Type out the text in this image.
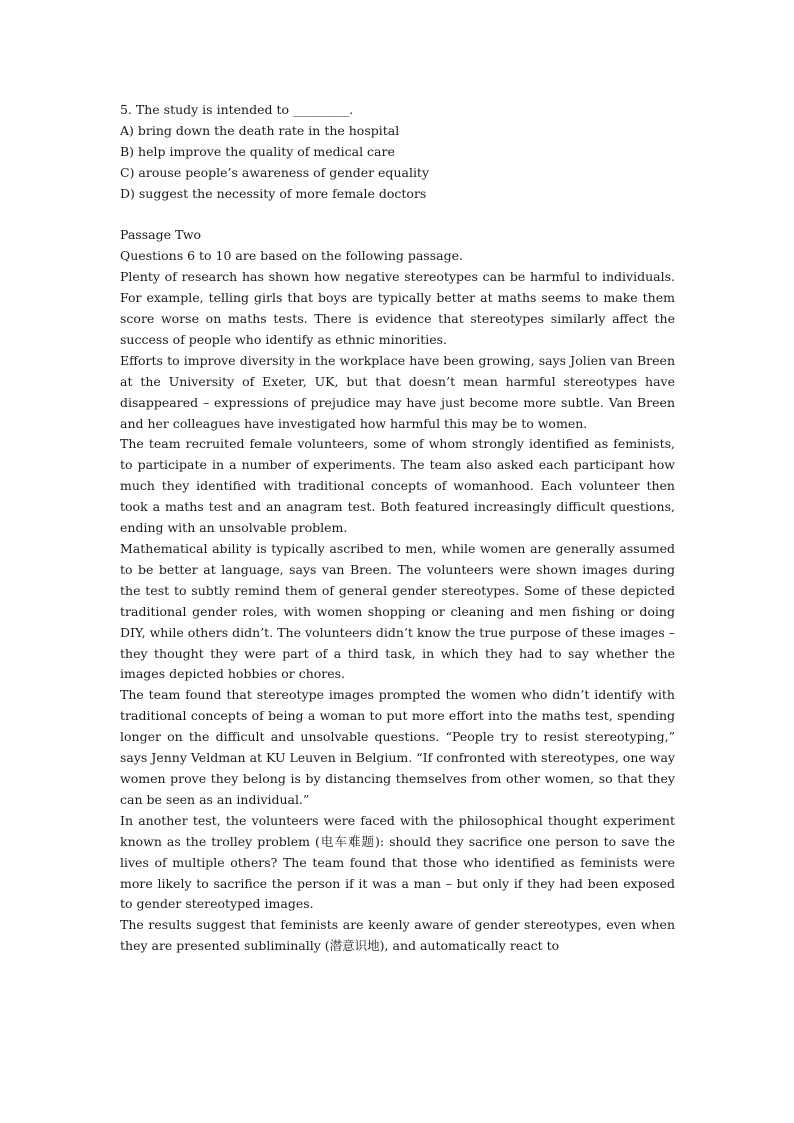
5. The study is intended to _________.
A) bring down the death rate in the hospital
B) help improve the quality of medical care
C) arouse people’s awareness of gender equality
D) suggest the necessity of more female doctors
Passage Two
Questions 6 to 10 are based on the following passage.
Plenty of research has shown how negative stereotypes can be harmful to individuals. For example, telling girls that boys are typically better at maths seems to make them score worse on maths tests. There is evidence that stereotypes similarly affect the success of people who identify as ethnic minorities.
Efforts to improve diversity in the workplace have been growing, says Jolien van Breen at the University of Exeter, UK, but that doesn’t mean harmful stereotypes have disappeared – expressions of prejudice may have just become more subtle. Van Breen and her colleagues have investigated how harmful this may be to women.
The team recruited female volunteers, some of whom strongly identified as feminists, to participate in a number of experiments. The team also asked each participant how much they identified with traditional concepts of womanhood. Each volunteer then took a maths test and an anagram test. Both featured increasingly difficult questions, ending with an unsolvable problem.
Mathematical ability is typically ascribed to men, while women are generally assumed to be better at language, says van Breen. The volunteers were shown images during the test to subtly remind them of general gender stereotypes. Some of these depicted traditional gender roles, with women shopping or cleaning and men fishing or doing DIY, while others didn’t. The volunteers didn’t know the true purpose of these images – they thought they were part of a third task, in which they had to say whether the images depicted hobbies or chores.
The team found that stereotype images prompted the women who didn’t identify with traditional concepts of being a woman to put more effort into the maths test, spending longer on the difficult and unsolvable questions. “People try to resist stereotyping,” says Jenny Veldman at KU Leuven in Belgium. “If confronted with stereotypes, one way women prove they belong is by distancing themselves from other women, so that they can be seen as an individual.”
In another test, the volunteers were faced with the philosophical thought experiment known as the trolley problem (电车难题): should they sacrifice one person to save the lives of multiple others? The team found that those who identified as feminists were more likely to sacrifice the person if it was a man – but only if they had been exposed to gender stereotyped images.
The results suggest that feminists are keenly aware of gender stereotypes, even when they are presented subliminally (潜意识地), and automatically react to
